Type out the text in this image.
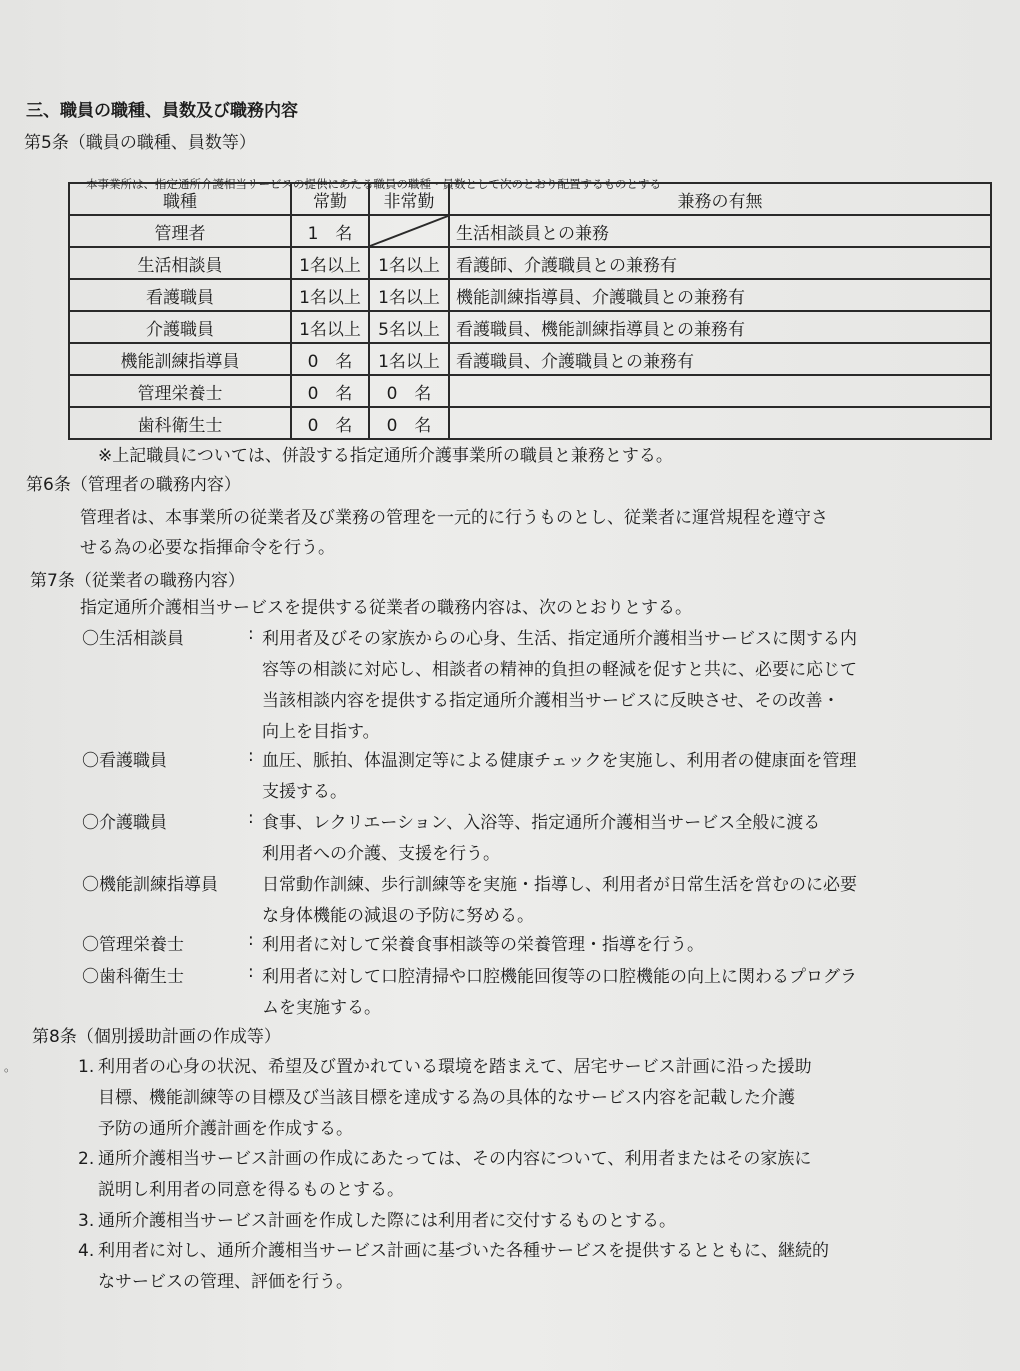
三、職員の職種、員数及び職務内容
第5条（職員の職種、員数等）
本事業所は、指定通所介護相当サービスの提供にあたる職員の職種・員数として次のとおり配置するものとする
職種	常勤	非常勤	兼務の有無
管理者	1　名		生活相談員との兼務
生活相談員	1名以上	1名以上	看護師、介護職員との兼務有
看護職員	1名以上	1名以上	機能訓練指導員、介護職員との兼務有
介護職員	1名以上	5名以上	看護職員、機能訓練指導員との兼務有
機能訓練指導員	0　名	1名以上	看護職員、介護職員との兼務有
管理栄養士	0　名	0　名	
歯科衛生士	0　名	0　名	
※上記職員については、併設する指定通所介護事業所の職員と兼務とする。
第6条（管理者の職務内容）
管理者は、本事業所の従業者及び業務の管理を一元的に行うものとし、従業者に運営規程を遵守さ
せる為の必要な指揮命令を行う。
第7条（従業者の職務内容）
指定通所介護相当サービスを提供する従業者の職務内容は、次のとおりとする。
〇生活相談員	: 利用者及びその家族からの心身、生活、指定通所介護相当サービスに関する内
容等の相談に対応し、相談者の精神的負担の軽減を促すと共に、必要に応じて
当該相談内容を提供する指定通所介護相当サービスに反映させ、その改善・
向上を目指す。
〇看護職員	: 血圧、脈拍、体温測定等による健康チェックを実施し、利用者の健康面を管理
支援する。
〇介護職員	: 食事、レクリエーション、入浴等、指定通所介護相当サービス全般に渡る
利用者への介護、支援を行う。
〇機能訓練指導員	日常動作訓練、歩行訓練等を実施・指導し、利用者が日常生活を営むのに必要
な身体機能の減退の予防に努める。
〇管理栄養士	: 利用者に対して栄養食事相談等の栄養管理・指導を行う。
〇歯科衛生士	: 利用者に対して口腔清掃や口腔機能回復等の口腔機能の向上に関わるプログラ
ムを実施する。
第8条（個別援助計画の作成等）
1. 利用者の心身の状況、希望及び置かれている環境を踏まえて、居宅サービス計画に沿った援助
目標、機能訓練等の目標及び当該目標を達成する為の具体的なサービス内容を記載した介護
予防の通所介護計画を作成する。
2. 通所介護相当サービス計画の作成にあたっては、その内容について、利用者またはその家族に
説明し利用者の同意を得るものとする。
3. 通所介護相当サービス計画を作成した際には利用者に交付するものとする。
4. 利用者に対し、通所介護相当サービス計画に基づいた各種サービスを提供するとともに、継続的
なサービスの管理、評価を行う。
。
